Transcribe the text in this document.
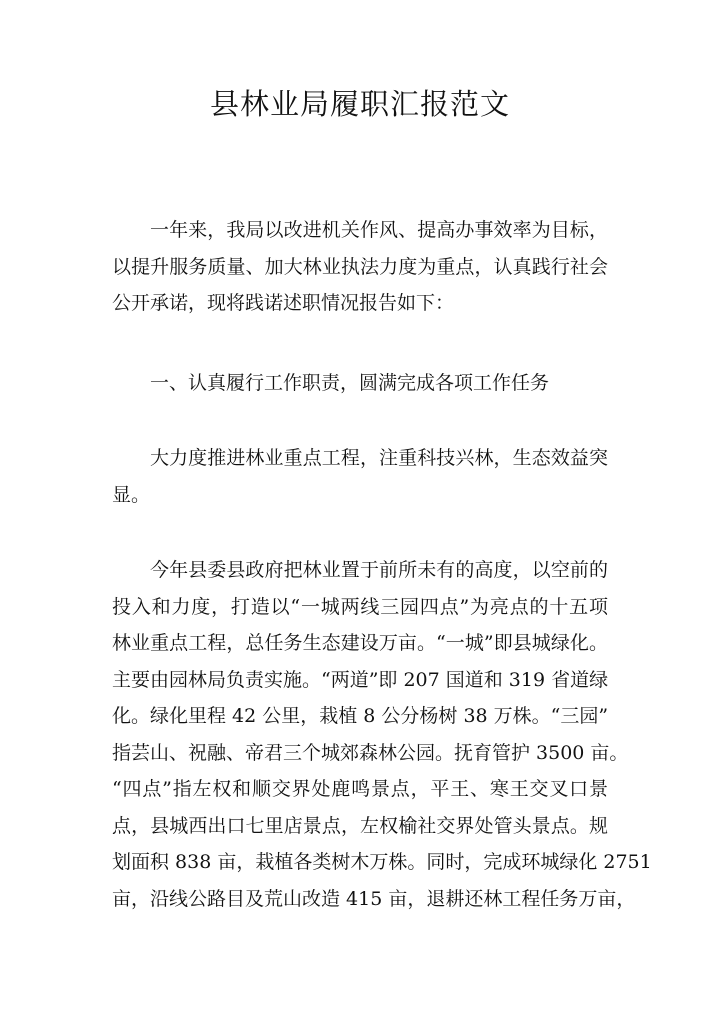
县林业局履职汇报范文
一年来，我局以改进机关作风、提高办事效率为目标，
以提升服务质量、加大林业执法力度为重点，认真践行社会
公开承诺，现将践诺述职情况报告如下：
一、认真履行工作职责，圆满完成各项工作任务
大力度推进林业重点工程，注重科技兴林，生态效益突
显。
今年县委县政府把林业置于前所未有的高度，以空前的
投入和力度，打造以“一城两线三园四点”为亮点的十五项
林业重点工程，总任务生态建设万亩。“一城”即县城绿化。
主要由园林局负责实施。“两道”即 207 国道和 319 省道绿
化。绿化里程 42 公里，栽植 8 公分杨树 38 万株。“三园”
指芸山、祝融、帝君三个城郊森林公园。抚育管护 3500 亩。
“四点”指左权和顺交界处鹿鸣景点，平王、寒王交叉口景
点，县城西出口七里店景点，左权榆社交界处管头景点。规
划面积 838 亩，栽植各类树木万株。同时，完成环城绿化 2751
亩，沿线公路目及荒山改造 415 亩，退耕还林工程任务万亩，
